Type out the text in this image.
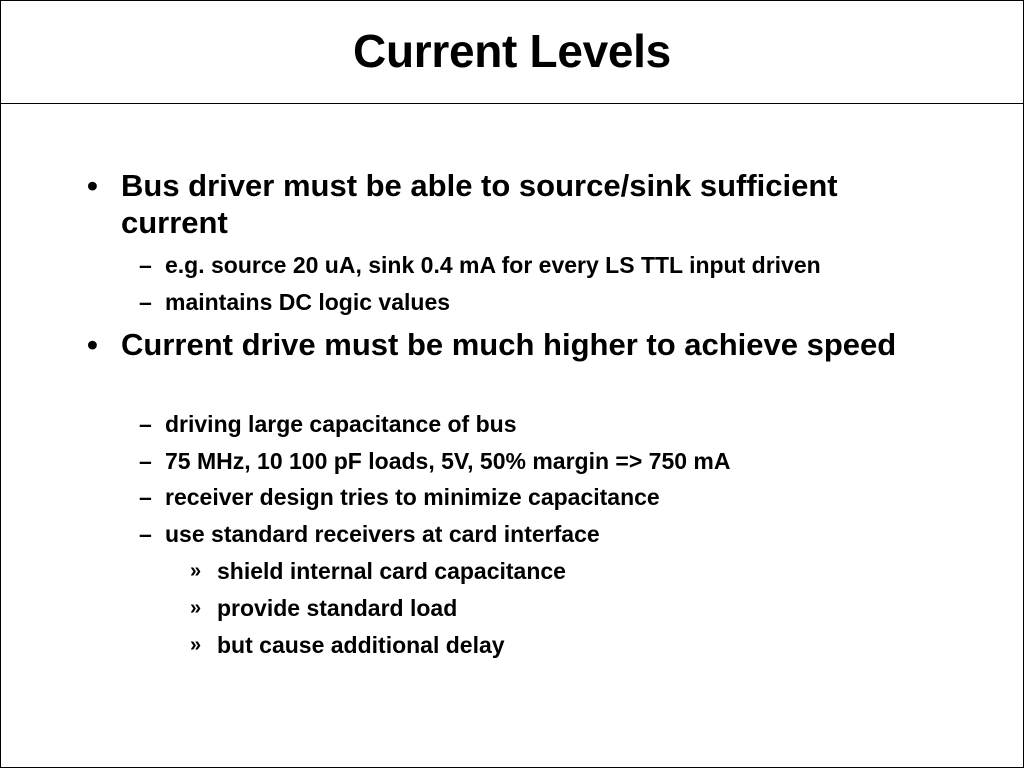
Current Levels
• Bus driver must be able to source/sink sufficient current
– e.g. source 20 uA, sink 0.4 mA for every LS TTL input driven
– maintains DC logic values
• Current drive must be much higher to achieve speed
– driving large capacitance of bus
– 75 MHz, 10 100 pF loads, 5V, 50% margin => 750 mA
– receiver design tries to minimize capacitance
– use standard receivers at card interface
» shield internal card capacitance
» provide standard load
» but cause additional delay
